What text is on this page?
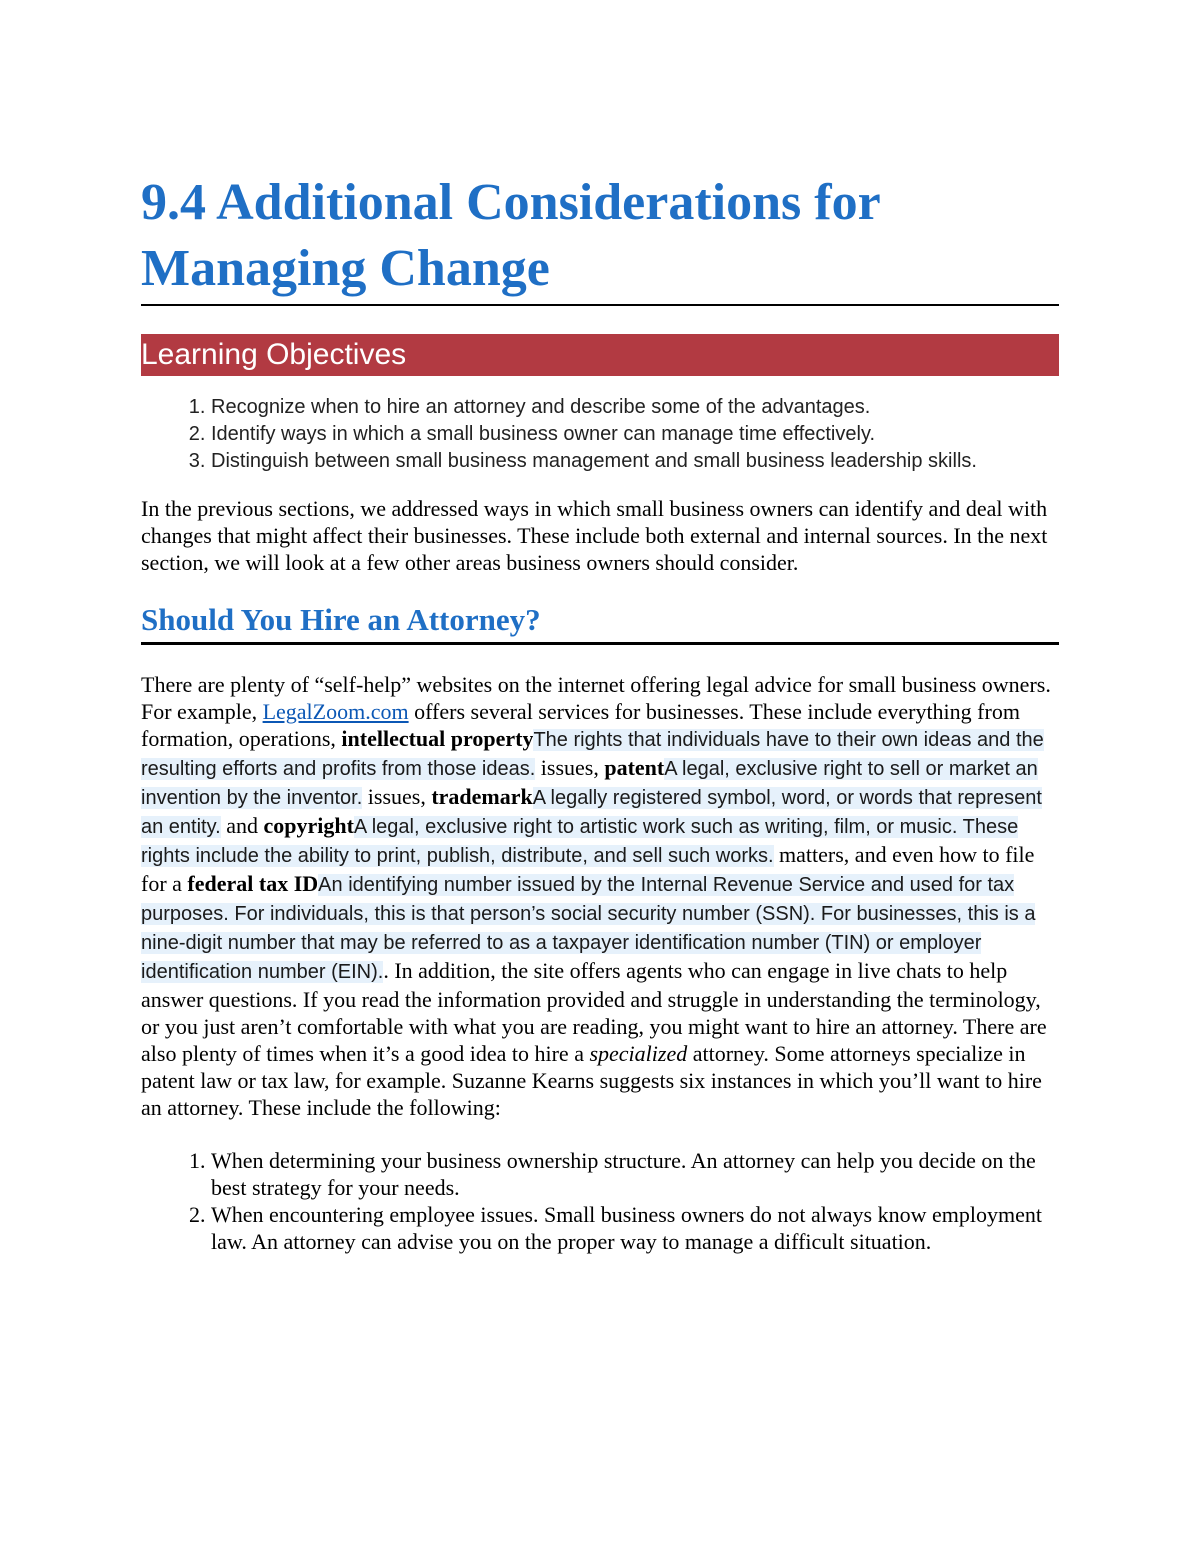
9.4 Additional Considerations for Managing Change
Learning Objectives
1. Recognize when to hire an attorney and describe some of the advantages.
2. Identify ways in which a small business owner can manage time effectively.
3. Distinguish between small business management and small business leadership skills.

In the previous sections, we addressed ways in which small business owners can identify and deal with changes that might affect their businesses. These include both external and internal sources. In the next section, we will look at a few other areas business owners should consider.

Should You Hire an Attorney?

There are plenty of “self-help” websites on the internet offering legal advice for small business owners. For example, LegalZoom.com offers several services for businesses. These include everything from formation, operations, intellectual propertyThe rights that individuals have to their own ideas and the resulting efforts and profits from those ideas. issues, patentA legal, exclusive right to sell or market an invention by the inventor. issues, trademarkA legally registered symbol, word, or words that represent an entity. and copyrightA legal, exclusive right to artistic work such as writing, film, or music. These rights include the ability to print, publish, distribute, and sell such works. matters, and even how to file for a federal tax IDAn identifying number issued by the Internal Revenue Service and used for tax purposes. For individuals, this is that person’s social security number (SSN). For businesses, this is a nine-digit number that may be referred to as a taxpayer identification number (TIN) or employer identification number (EIN).. In addition, the site offers agents who can engage in live chats to help answer questions. If you read the information provided and struggle in understanding the terminology, or you just aren’t comfortable with what you are reading, you might want to hire an attorney. There are also plenty of times when it’s a good idea to hire a specialized attorney. Some attorneys specialize in patent law or tax law, for example. Suzanne Kearns suggests six instances in which you’ll want to hire an attorney. These include the following:

1. When determining your business ownership structure. An attorney can help you decide on the best strategy for your needs.
2. When encountering employee issues. Small business owners do not always know employment law. An attorney can advise you on the proper way to manage a difficult situation.
